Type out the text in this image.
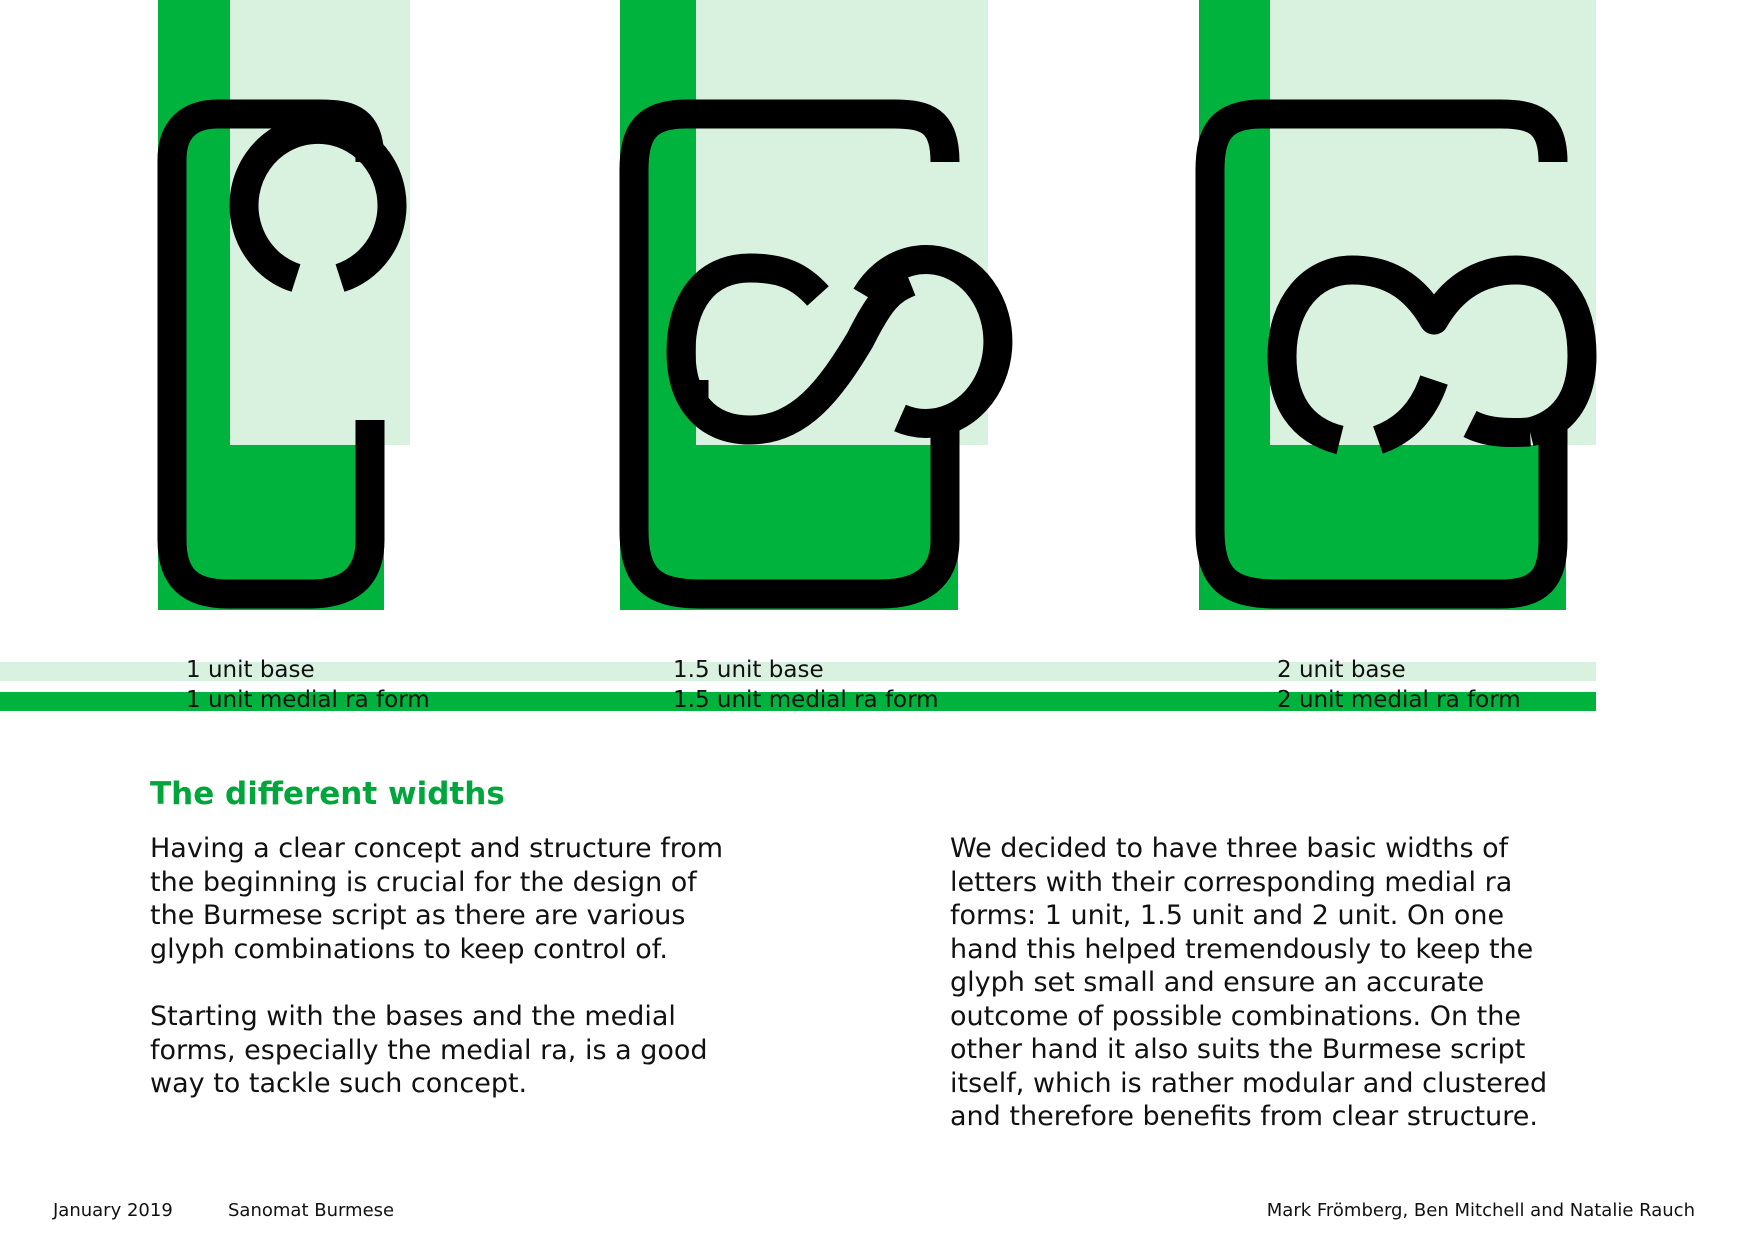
1 unit base
1 unit medial ra form
1.5 unit base
1.5 unit medial ra form
2 unit base
2 unit medial ra form
The different widths

Having a clear concept and structure from the beginning is crucial for the design of the Burmese script as there are various glyph combinations to keep control of.

Starting with the bases and the medial forms, especially the medial ra, is a good way to tackle such concept.

We decided to have three basic widths of letters with their corresponding medial ra forms: 1 unit, 1.5 unit and 2 unit. On one hand this helped tremendously to keep the glyph set small and ensure an accurate outcome of possible combinations. On the other hand it also suits the Burmese script itself, which is rather modular and clustered and therefore benefits from clear structure.

January 2019	Sanomat Burmese	Mark Frömberg, Ben Mitchell and Natalie Rauch
